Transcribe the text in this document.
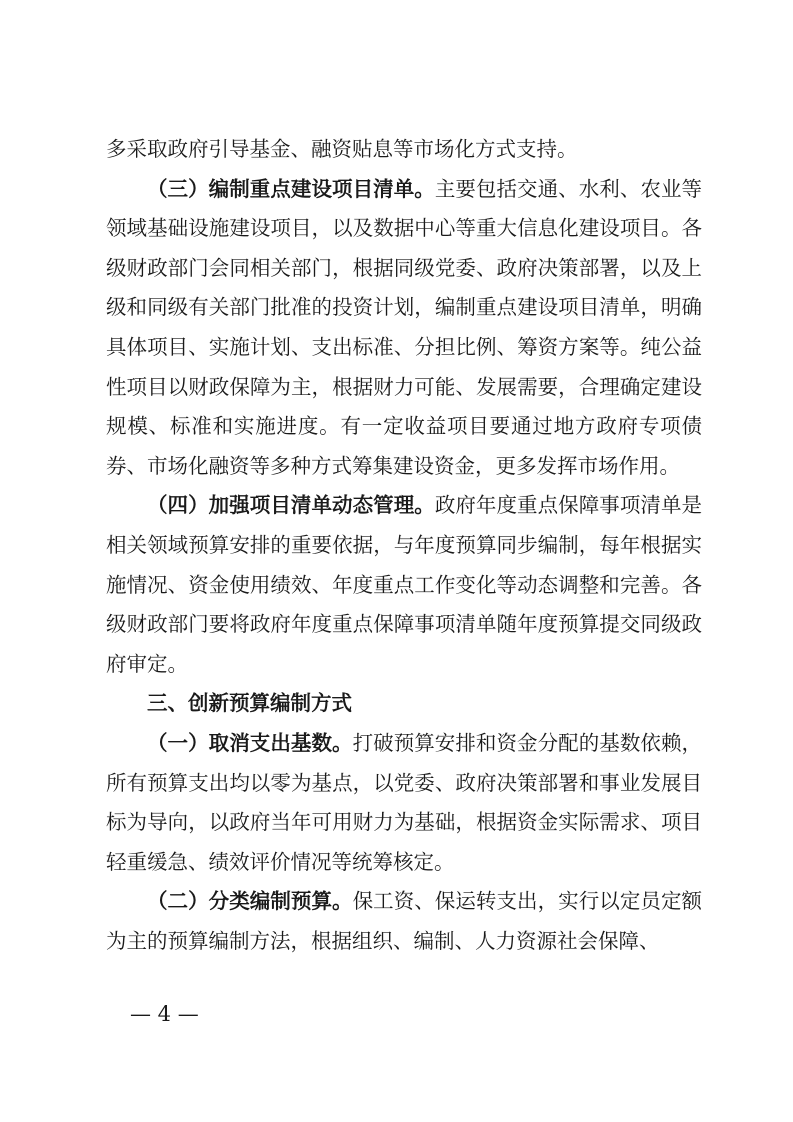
多采取政府引导基金、融资贴息等市场化方式支持。

（三）编制重点建设项目清单。主要包括交通、水利、农业等领域基础设施建设项目，以及数据中心等重大信息化建设项目。各级财政部门会同相关部门，根据同级党委、政府决策部署，以及上级和同级有关部门批准的投资计划，编制重点建设项目清单，明确具体项目、实施计划、支出标准、分担比例、筹资方案等。纯公益性项目以财政保障为主，根据财力可能、发展需要，合理确定建设规模、标准和实施进度。有一定收益项目要通过地方政府专项债券、市场化融资等多种方式筹集建设资金，更多发挥市场作用。

（四）加强项目清单动态管理。政府年度重点保障事项清单是相关领域预算安排的重要依据，与年度预算同步编制，每年根据实施情况、资金使用绩效、年度重点工作变化等动态调整和完善。各级财政部门要将政府年度重点保障事项清单随年度预算提交同级政府审定。

三、创新预算编制方式

（一）取消支出基数。打破预算安排和资金分配的基数依赖，所有预算支出均以零为基点，以党委、政府决策部署和事业发展目标为导向，以政府当年可用财力为基础，根据资金实际需求、项目轻重缓急、绩效评价情况等统筹核定。

（二）分类编制预算。保工资、保运转支出，实行以定员定额为主的预算编制方法，根据组织、编制、人力资源社会保障、

— 4 —
